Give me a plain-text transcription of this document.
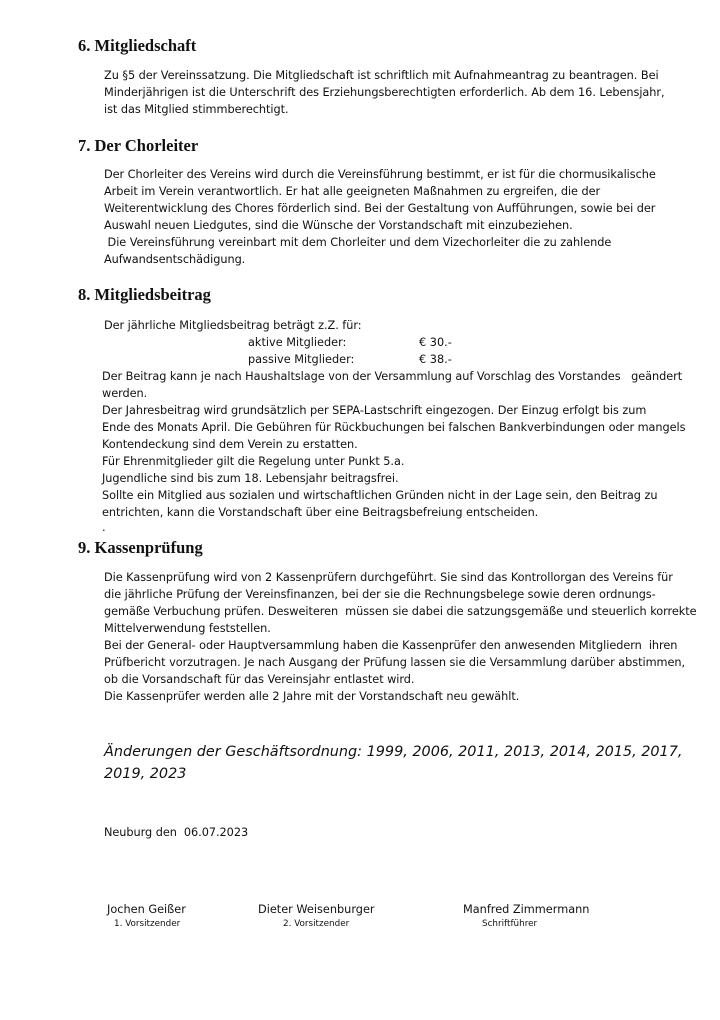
6. Mitgliedschaft
Zu §5 der Vereinssatzung. Die Mitgliedschaft ist schriftlich mit Aufnahmeantrag zu beantragen. Bei
Minderjährigen ist die Unterschrift des Erziehungsberechtigten erforderlich. Ab dem 16. Lebensjahr,
ist das Mitglied stimmberechtigt.
7. Der Chorleiter
Der Chorleiter des Vereins wird durch die Vereinsführung bestimmt, er ist für die chormusikalische
Arbeit im Verein verantwortlich. Er hat alle geeigneten Maßnahmen zu ergreifen, die der
Weiterentwicklung des Chores förderlich sind. Bei der Gestaltung von Aufführungen, sowie bei der
Auswahl neuen Liedgutes, sind die Wünsche der Vorstandschaft mit einzubeziehen.
Die Vereinsführung vereinbart mit dem Chorleiter und dem Vizechorleiter die zu zahlende
Aufwandsentschädigung.
8. Mitgliedsbeitrag
Der jährliche Mitgliedsbeitrag beträgt z.Z. für:
aktive Mitglieder:	€ 30.-
passive Mitglieder:	€ 38.-
Der Beitrag kann je nach Haushaltslage von der Versammlung auf Vorschlag des Vorstandes   geändert
werden.
Der Jahresbeitrag wird grundsätzlich per SEPA-Lastschrift eingezogen. Der Einzug erfolgt bis zum
Ende des Monats April. Die Gebühren für Rückbuchungen bei falschen Bankverbindungen oder mangels
Kontendeckung sind dem Verein zu erstatten.
Für Ehrenmitglieder gilt die Regelung unter Punkt 5.a.
Jugendliche sind bis zum 18. Lebensjahr beitragsfrei.
Sollte ein Mitglied aus sozialen und wirtschaftlichen Gründen nicht in der Lage sein, den Beitrag zu
entrichten, kann die Vorstandschaft über eine Beitragsbefreiung entscheiden.
.
9. Kassenprüfung
Die Kassenprüfung wird von 2 Kassenprüfern durchgeführt. Sie sind das Kontrollorgan des Vereins für
die jährliche Prüfung der Vereinsfinanzen, bei der sie die Rechnungsbelege sowie deren ordnungs-
gemäße Verbuchung prüfen. Desweiteren  müssen sie dabei die satzungsgemäße und steuerlich korrekte
Mittelverwendung feststellen.
Bei der General- oder Hauptversammlung haben die Kassenprüfer den anwesenden Mitgliedern  ihren
Prüfbericht vorzutragen. Je nach Ausgang der Prüfung lassen sie die Versammlung darüber abstimmen,
ob die Vorsandschaft für das Vereinsjahr entlastet wird.
Die Kassenprüfer werden alle 2 Jahre mit der Vorstandschaft neu gewählt.

Änderungen der Geschäftsordnung: 1999, 2006, 2011, 2013, 2014, 2015, 2017, 2019, 2023

Neuburg den  06.07.2023
Jochen Geißer
1. Vorsitzender
Dieter Weisenburger
2. Vorsitzender
Manfred Zimmermann
Schriftführer
